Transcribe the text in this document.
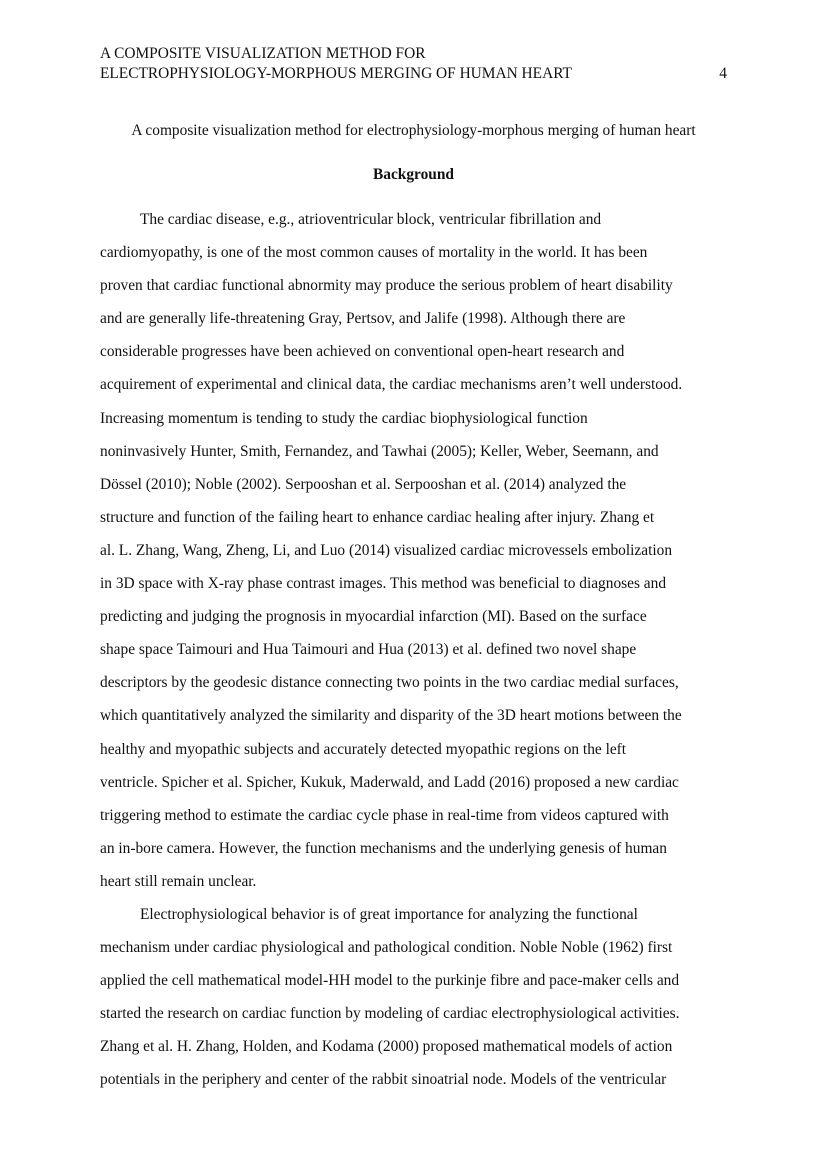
A COMPOSITE VISUALIZATION METHOD FOR
ELECTROPHYSIOLOGY-MORPHOUS MERGING OF HUMAN HEART	4
A composite visualization method for electrophysiology-morphous merging of human heart
Background
The cardiac disease, e.g., atrioventricular block, ventricular fibrillation and
cardiomyopathy, is one of the most common causes of mortality in the world. It has been
proven that cardiac functional abnormity may produce the serious problem of heart disability
and are generally life-threatening Gray, Pertsov, and Jalife (1998). Although there are
considerable progresses have been achieved on conventional open-heart research and
acquirement of experimental and clinical data, the cardiac mechanisms aren’t well understood.
Increasing momentum is tending to study the cardiac biophysiological function
noninvasively Hunter, Smith, Fernandez, and Tawhai (2005); Keller, Weber, Seemann, and
Dössel (2010); Noble (2002). Serpooshan et al. Serpooshan et al. (2014) analyzed the
structure and function of the failing heart to enhance cardiac healing after injury. Zhang et
al. L. Zhang, Wang, Zheng, Li, and Luo (2014) visualized cardiac microvessels embolization
in 3D space with X-ray phase contrast images. This method was beneficial to diagnoses and
predicting and judging the prognosis in myocardial infarction (MI). Based on the surface
shape space Taimouri and Hua Taimouri and Hua (2013) et al. defined two novel shape
descriptors by the geodesic distance connecting two points in the two cardiac medial surfaces,
which quantitatively analyzed the similarity and disparity of the 3D heart motions between the
healthy and myopathic subjects and accurately detected myopathic regions on the left
ventricle. Spicher et al. Spicher, Kukuk, Maderwald, and Ladd (2016) proposed a new cardiac
triggering method to estimate the cardiac cycle phase in real-time from videos captured with
an in-bore camera. However, the function mechanisms and the underlying genesis of human
heart still remain unclear.
Electrophysiological behavior is of great importance for analyzing the functional
mechanism under cardiac physiological and pathological condition. Noble Noble (1962) first
applied the cell mathematical model-HH model to the purkinje fibre and pace-maker cells and
started the research on cardiac function by modeling of cardiac electrophysiological activities.
Zhang et al. H. Zhang, Holden, and Kodama (2000) proposed mathematical models of action
potentials in the periphery and center of the rabbit sinoatrial node. Models of the ventricular
